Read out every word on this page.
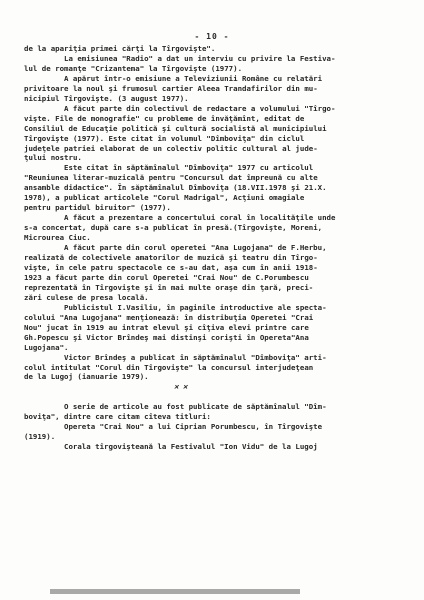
- 10 -
de la apariţia primei cărţi la Tîrgovişte".
La emisiunea "Radio" a dat un interviu cu privire la Festiva-
lul de romanţe "Crizantema" la Tîrgovişte (1977).
A apărut într-o emisiune a Televiziunii Române cu relatări
privitoare la noul şi frumosul cartier Aleea Trandafirilor din mu-
nicipiul Tîrgovişte. (3 august 1977).
A făcut parte din colectivul de redactare a volumului "Tîrgo-
vişte. File de monografie" cu probleme de învăţămînt, editat de
Consiliul de Educaţie politică şi cultură socialistă al municipiului
Tîrgovişte (1977). Este citat în volumul "Dîmboviţa" din ciclul
judeţele patriei elaborat de un colectiv politic cultural al jude-
ţului nostru.
Este citat în săptămînalul "Dîmboviţa" 1977 cu articolul
"Reuniunea literar-muzicală pentru "Concursul dat împreună cu alte
ansamble didactice". În săptămînalul Dîmboviţa (18.VII.1978 şi 21.X.
1978), a publicat articolele "Corul Madrigal", Acţiuni omagiale
pentru partidul biruitor" (1977).
A făcut a prezentare a concertului coral în localităţile unde
s-a concertat, după care s-a publicat în presă.(Tîrgovişte, Moreni,
Microurea Ciuc.
A făcut parte din corul operetei "Ana Lugojana" de F.Herbu,
realizată de colectivele amatorilor de muzică şi teatru din Tîrgo-
vişte, în cele patru spectacole ce s-au dat, aşa cum în anii 1918-
1923 a făcut parte din corul Operetei "Crai Nou" de C.Porumbescu
reprezentată în Tîrgovişte şi în mai multe oraşe din ţară, preci-
zări culese de presa locală.
Publicistul I.Vasiliu, în paginile introductive ale specta-
colului "Ana Lugojana" menţionează: în distribuţia Operetei "Crai
Nou" jucat în 1919 au intrat elevul şi cîţiva elevi printre care
Gh.Popescu şi Victor Brîndeş mai distinşi corişti în Opereta"Ana
Lugojana".
Victor Brîndeş a publicat în săptămînalul "Dîmboviţa" arti-
colul intitulat "Corul din Tîrgovişte" la concursul interjudeţean
de la Lugoj (ianuarie 1979).
✕ ✕

O serie de articole au fost publicate de săptămînalul "Dîm-
boviţa", dintre care citam cîteva titluri:
Opereta "Crai Nou" a lui Ciprian Porumbescu, în Tîrgovişte
(1919).
Corala tîrgovişteană la Festivalul "Ion Vidu" de la Lugoj
